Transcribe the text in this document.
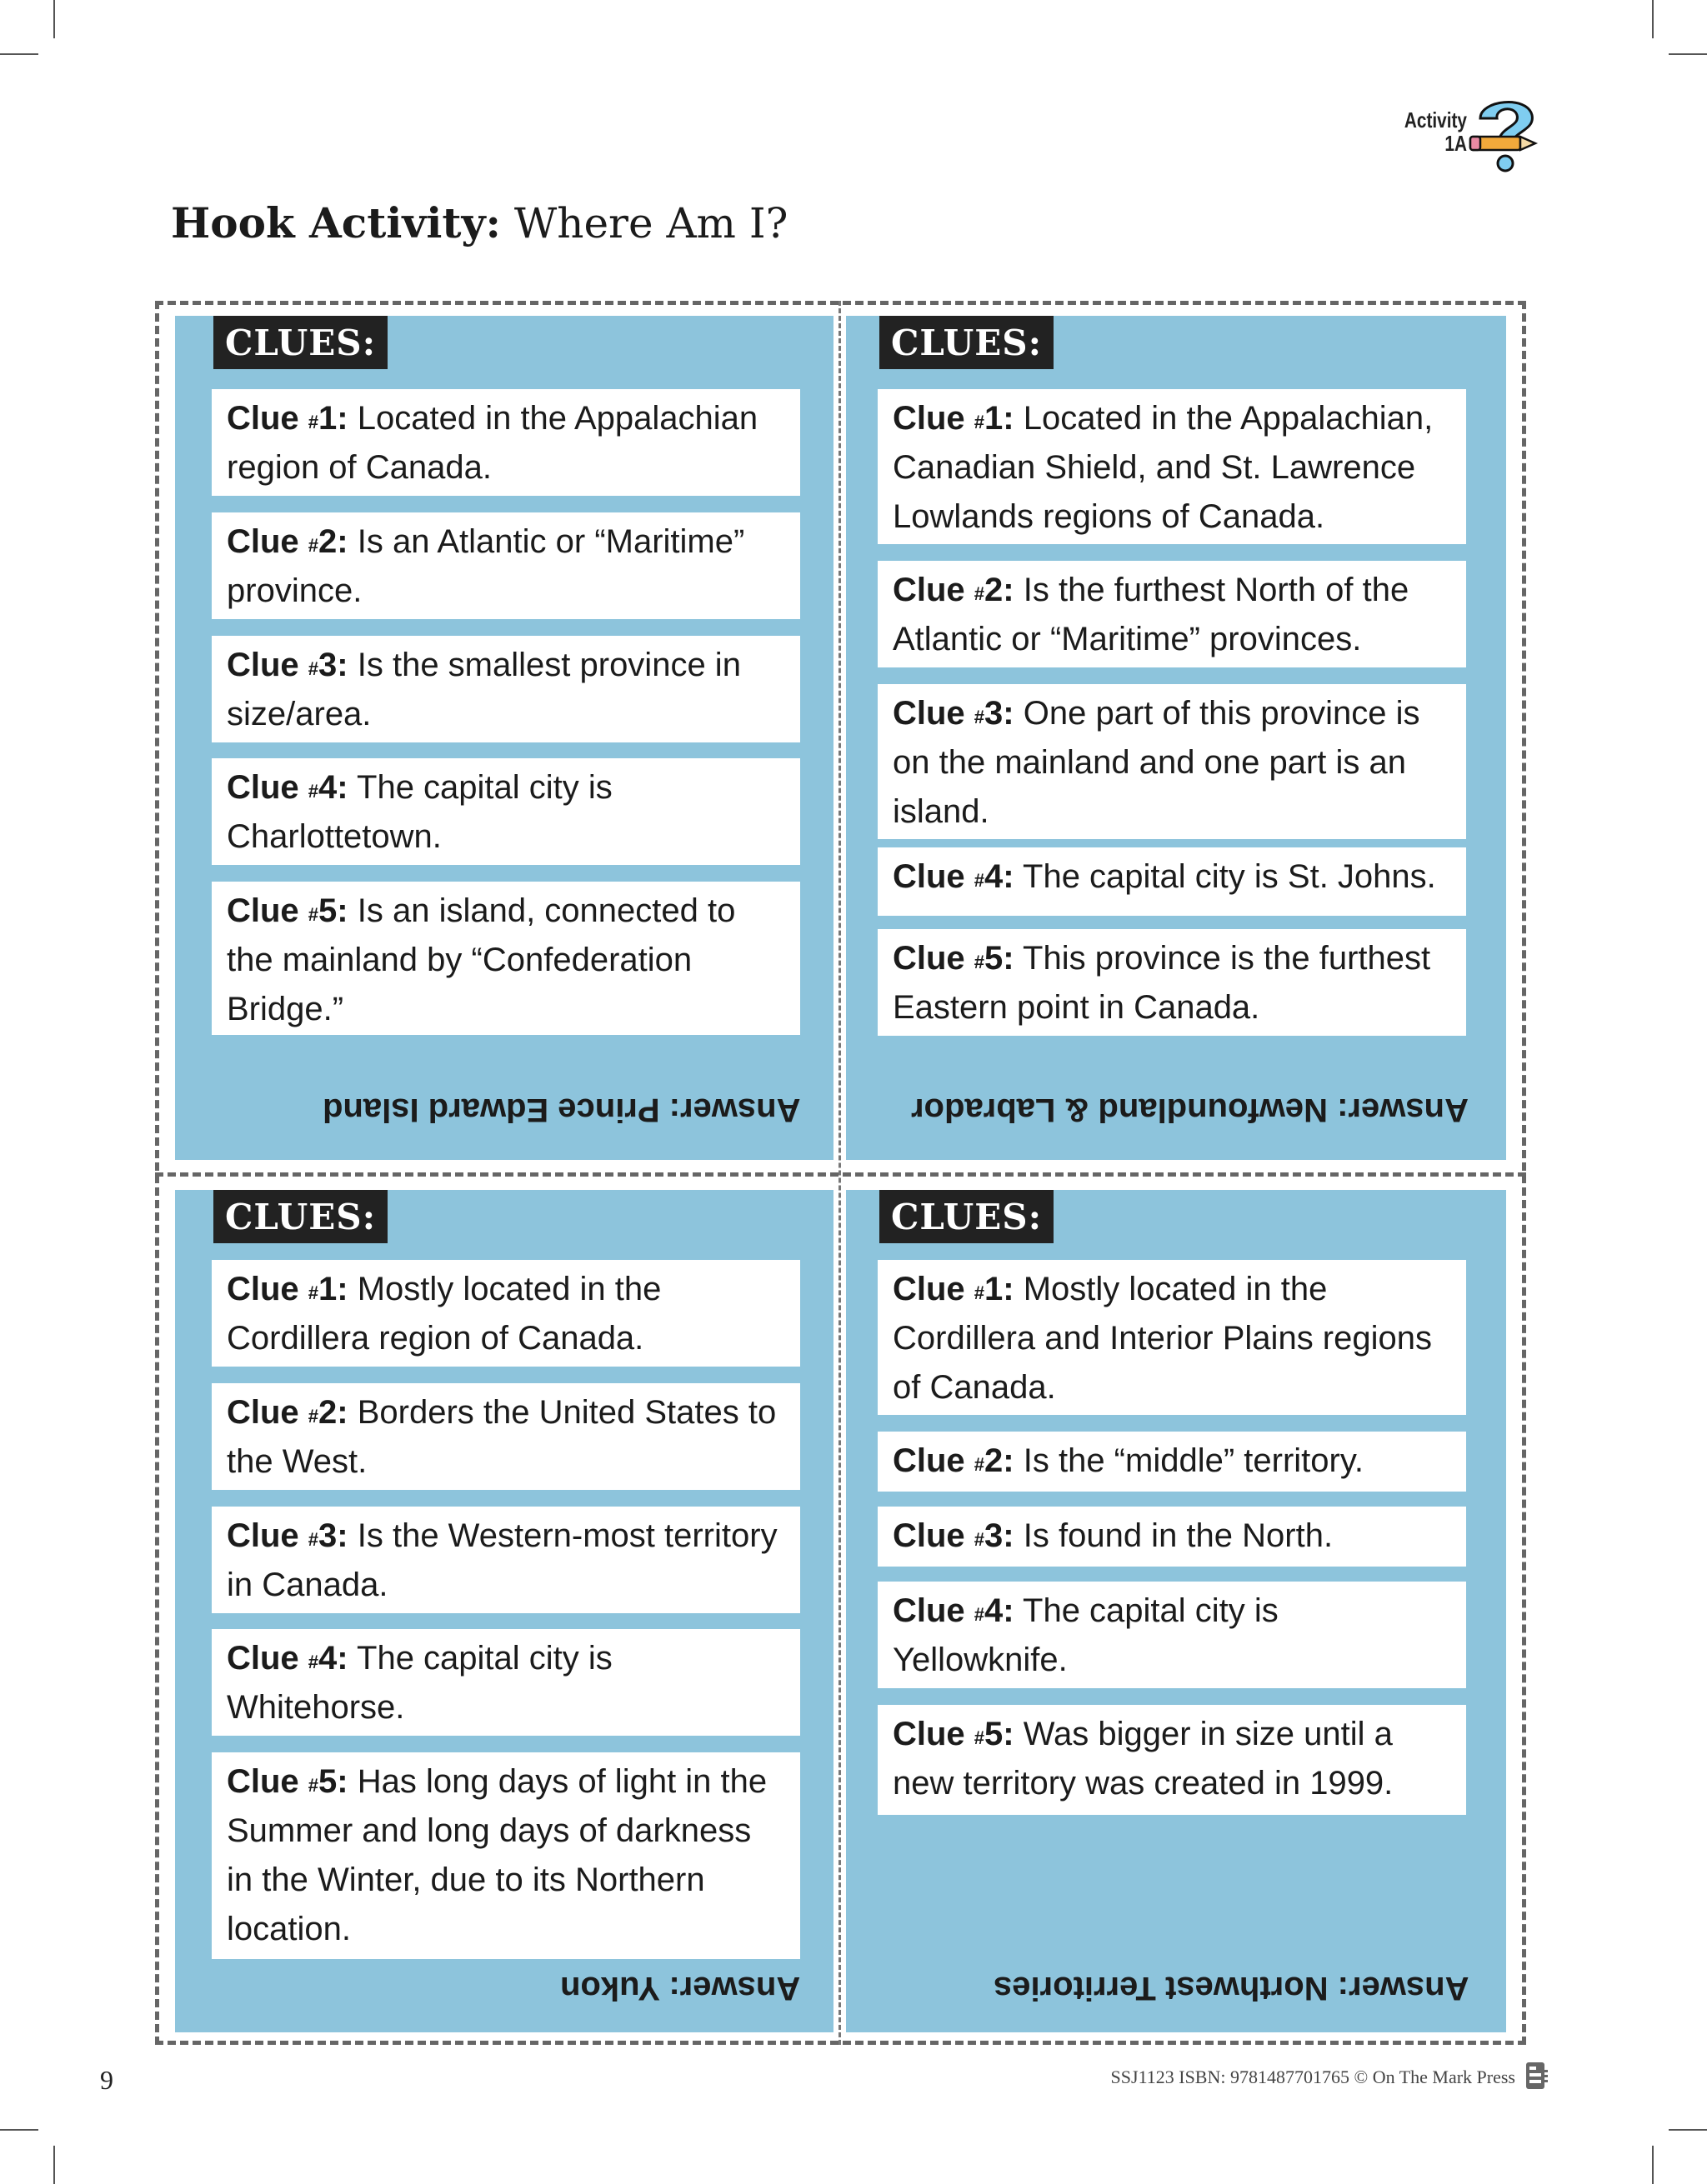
Activity
1A
Hook Activity: Where Am I?
CLUES:
Clue #1: Located in the Appalachian region of Canada.
Clue #2: Is an Atlantic or “Maritime” province.
Clue #3: Is the smallest province in size/area.
Clue #4: The capital city is Charlottetown.
Clue #5: Is an island, connected to the mainland by “Confederation Bridge.”
Answer: Prince Edward Island
CLUES:
Clue #1: Located in the Appalachian, Canadian Shield, and St. Lawrence Lowlands regions of Canada.
Clue #2: Is the furthest North of the Atlantic or “Maritime” provinces.
Clue #3: One part of this province is on the mainland and one part is an island.
Clue #4: The capital city is St. Johns.
Clue #5: This province is the furthest Eastern point in Canada.
Answer: Newfoundland & Labrador
CLUES:
Clue #1: Mostly located in the Cordillera region of Canada.
Clue #2: Borders the United States to the West.
Clue #3: Is the Western-most territory in Canada.
Clue #4: The capital city is Whitehorse.
Clue #5: Has long days of light in the Summer and long days of darkness in the Winter, due to its Northern location.
Answer: Yukon
CLUES:
Clue #1: Mostly located in the Cordillera and Interior Plains regions of Canada.
Clue #2: Is the “middle” territory.
Clue #3: Is found in the North.
Clue #4: The capital city is Yellowknife.
Clue #5: Was bigger in size until a new territory was created in 1999.
Answer: Northwest Territories
9	SSJ1123 ISBN: 9781487701765 © On The Mark Press
